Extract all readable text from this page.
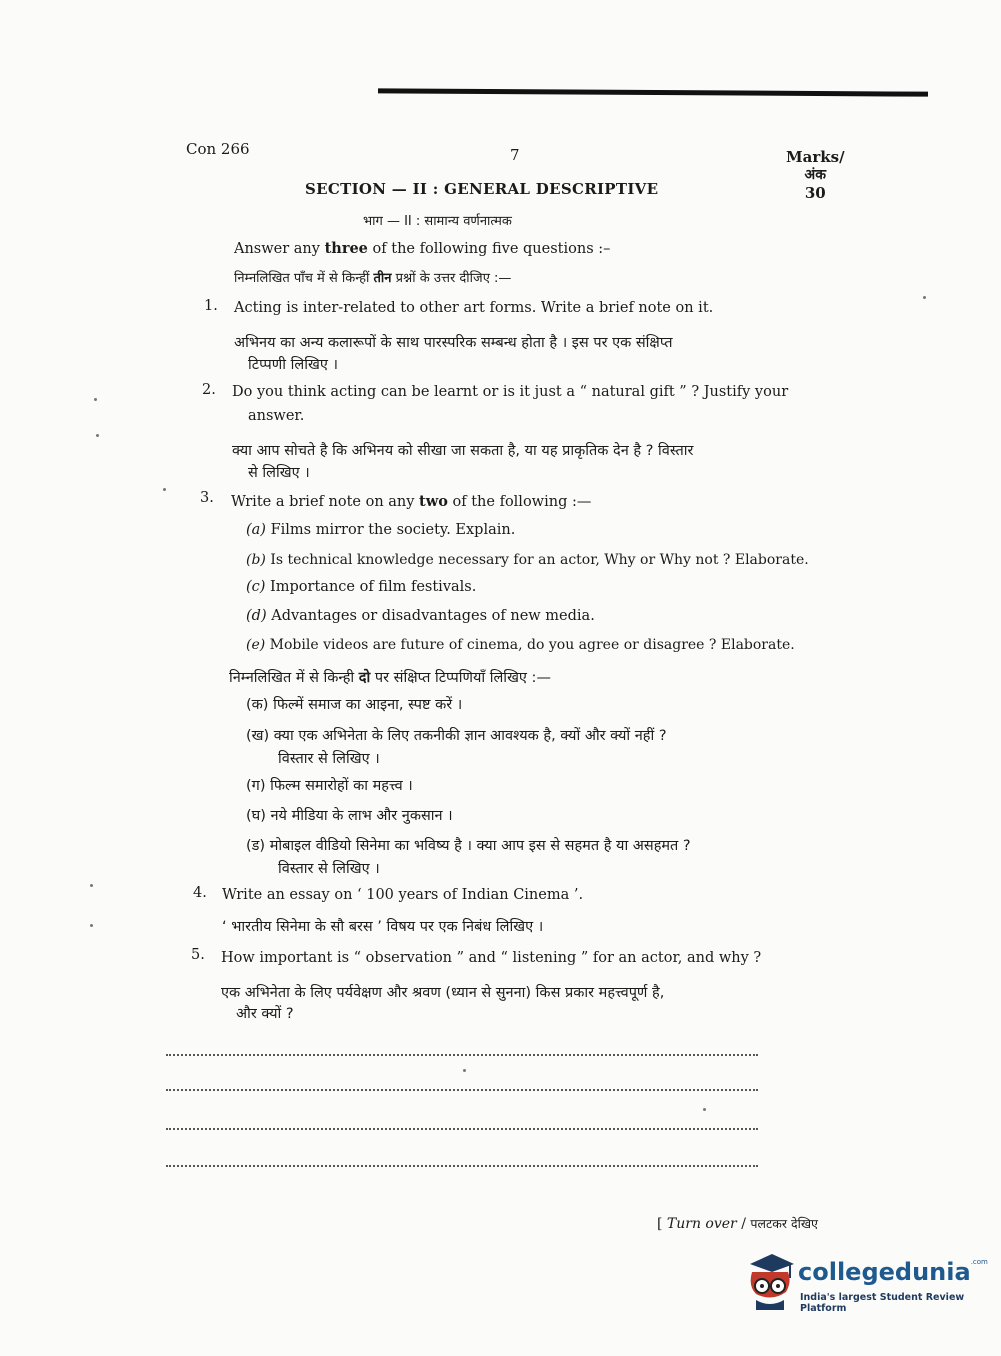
Con 266	7	Marks/
अंक
30
SECTION — II : GENERAL DESCRIPTIVE
भाग — II : सामान्य वर्णनात्मक
Answer any three of the following five questions :–
निम्नलिखित पाँच में से किन्हीं तीन प्रश्नों के उत्तर दीजिए :—
1. Acting is inter-related to other art forms. Write a brief note on it.
अभिनय का अन्य कलारूपों के साथ पारस्परिक सम्बन्ध होता है । इस पर एक संक्षिप्त
टिप्पणी लिखिए ।
2. Do you think acting can be learnt or is it just a “ natural gift ” ? Justify your
answer.
क्या आप सोचते है कि अभिनय को सीखा जा सकता है, या यह प्राकृतिक देन है ? विस्तार
से लिखिए ।
3. Write a brief note on any two of the following :—
(a) Films mirror the society. Explain.
(b) Is technical knowledge necessary for an actor, Why or Why not ? Elaborate.
(c) Importance of film festivals.
(d) Advantages or disadvantages of new media.
(e) Mobile videos are future of cinema, do you agree or disagree ? Elaborate.
निम्नलिखित में से किन्ही दो पर संक्षिप्त टिप्पणियाँ लिखिए :—
(क) फिल्में समाज का आइना, स्पष्ट करें ।
(ख) क्या एक अभिनेता के लिए तकनीकी ज्ञान आवश्यक है, क्यों और क्यों नहीं ?
विस्तार से लिखिए ।
(ग) फिल्म समारोहों का महत्त्व ।
(घ) नये मीडिया के लाभ और नुकसान ।
(ड) मोबाइल वीडियो सिनेमा का भविष्य है । क्या आप इस से सहमत है या असहमत ?
विस्तार से लिखिए ।
4. Write an essay on ‘ 100 years of Indian Cinema ’.
‘ भारतीय सिनेमा के सौ बरस ’ विषय पर एक निबंध लिखिए ।
5. How important is “ observation ” and “ listening ” for an actor, and why ?
एक अभिनेता के लिए पर्यवेक्षण और श्रवण (ध्यान से सुनना) किस प्रकार महत्त्वपूर्ण है,
और क्यों ?
[ Turn over / पलटकर देखिए
collegedunia$^{.com}$
India's largest Student Review Platform
